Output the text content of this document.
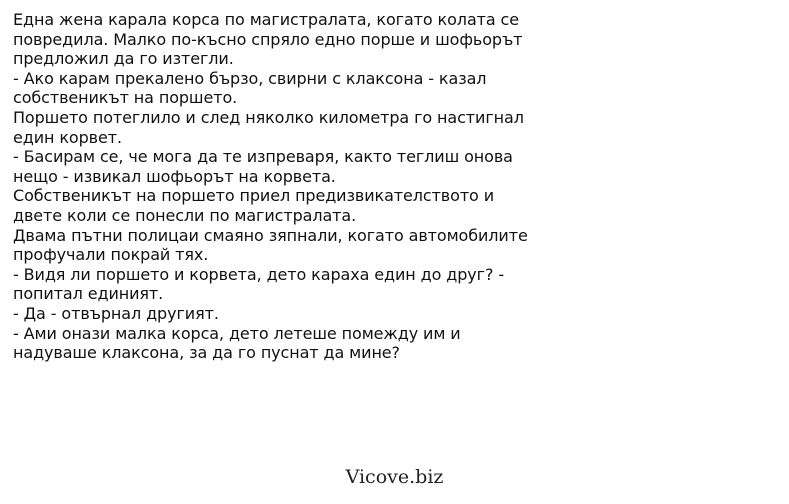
Една жена карала корса по магистралата, когато колата се
повредила. Малко по-късно спряло едно порше и шофьорът
предложил да го изтегли.
- Ако карам прекалено бързо, свирни с клаксона - казал
собственикът на поршето.
Поршето потеглило и след няколко километра го настигнал
един корвет.
- Басирам се, че мога да те изпреваря, както теглиш онова
нещо - извикал шофьорът на корвета.
Собственикът на поршето приел предизвикателството и
двете коли се понесли по магистралата.
Двама пътни полицаи смаяно зяпнали, когато автомобилите
профучали покрай тях.
- Видя ли поршето и корвета, дето караха един до друг? -
попитал единият.
- Да - отвърнал другият.
- Ами онази малка корса, дето летеше помежду им и
надуваше клаксона, за да го пуснат да мине?
Vicove.biz
